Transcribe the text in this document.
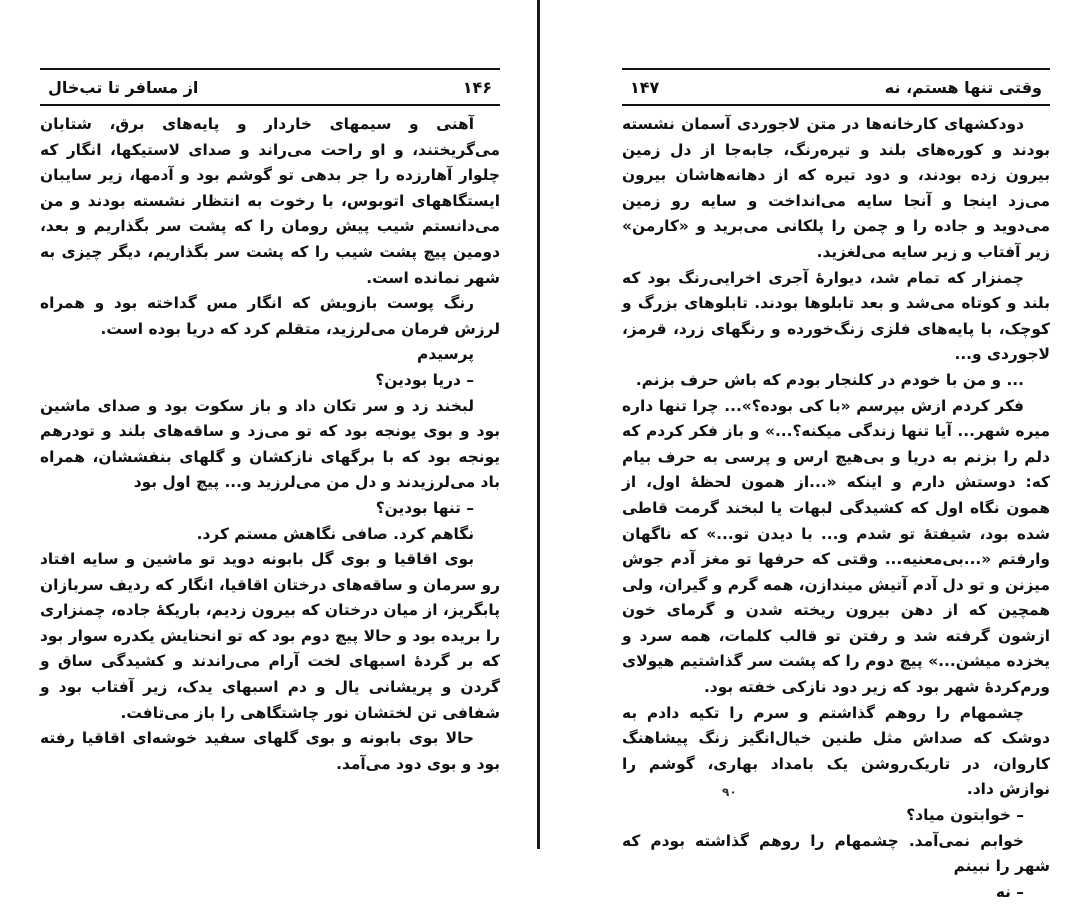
از مسافر تا تب‌خال	۱۴۶

آهنی و سیمهای خاردار و پایه‌های برق، شتابان می‌گریختند، و او راحت می‌راند و صدای لاستیکها، انگار که چلوار آهارزده را جر بدهی تو گوشم بود و آدمها، زیر سایبان ایستگاههای اتوبوس، با رخوت به انتظار نشسته بودند و من می‌دانستم شیب پیش رومان را که پشت سر بگذاریم و بعد، دومین پیچ پشت شیب را که پشت سر بگذاریم، دیگر چیزی به شهر نمانده است.

رنگ پوست بازویش که انگار مس گداخته بود و همراه لرزش فرمان می‌لرزید، متقلم کرد که دریا بوده است.

پرسیدم

– دریا بودین؟

لبخند زد و سر تکان داد و باز سکوت بود و صدای ماشین بود و بوی یونجه بود که تو می‌زد و ساقه‌های بلند و تودرهم یونجه بود که با برگهای نازکشان و گلهای بنفششان، همراه باد می‌لرزیدند و دل من می‌لرزید و... پیچ اول بود

– تنها بودین؟

نگاهم کرد. صافی نگاهش مستم کرد.

بوی اقاقیا و بوی گل بابونه دوید تو ماشین و سایه افتاد رو سرمان و ساقه‌های درختان اقاقیا، انگار که ردیف سربازان پابگریز، از میان درختان که بیرون زدیم، باریکهٔ جاده، چمنزاری را بریده بود و حالا پیچ دوم بود که تو انحنایش یکدره سوار بود که بر گردهٔ اسبهای لخت آرام می‌راندند و کشیدگی ساق و گردن و پریشانی یال و دم اسبهای یدک، زیر آفتاب بود و شفافی تن لختشان نور چاشتگاهی را باز می‌تافت.

حالا بوی بابونه و بوی گلهای سفید خوشه‌ای اقاقیا رفته بود و بوی دود می‌آمد.

۱۴۷	وقتی تنها هستم، نه

دودکشهای کارخانه‌ها در متن لاجوردی آسمان نشسته بودند و کوره‌های بلند و تیره‌رنگ، جابه‌جا از دل زمین بیرون زده بودند، و دود تیره که از دهانه‌هاشان بیرون می‌زد اینجا و آنجا سایه می‌انداخت و سایه رو زمین می‌دوید و جاده را و چمن را پلکانی می‌برید و «کارمن» زیر آفتاب و زیر سایه می‌لغزید.

چمنزار که تمام شد، دیوارهٔ آجری اخرایی‌رنگ بود که بلند و کوتاه می‌شد و بعد تابلوها بودند. تابلوهای بزرگ و کوچک، با پایه‌های فلزی زنگ‌خورده و رنگهای زرد، قرمز، لاجوردی و...

... و من با خودم در کلنجار بودم که باش حرف بزنم.

فکر کردم ازش بپرسم «با کی بوده؟»... چرا تنها داره میره شهر... آیا تنها زندگی میکنه؟...» و باز فکر کردم که دلم را بزنم به دریا و بی‌هیچ ارس و پرسی به حرف بیام که: دوستش دارم و اینکه «...از همون لحظهٔ اول، از همون نگاه اول که کشیدگی لبهات یا لبخند گرمت قاطی شده بود، شیفتهٔ تو شدم و... با دیدن تو...» که ناگهان وارفتم «...بی‌معنیه... وقتی که حرفها تو مغز آدم جوش میزنن و تو دل آدم آتیش میندازن، همه گرم و گیران، ولی همچین که از دهن بیرون ریخته شدن و گرمای خون ازشون گرفته شد و رفتن تو قالب کلمات، همه سرد و یخزده میشن...» پیچ دوم را که پشت سر گذاشتیم هیولای ورم‌کردهٔ شهر بود که زیر دود نازکی خفته بود.

چشمهام را روهم گذاشتم و سرم را تکیه دادم به دوشک که صداش مثل طنین خیال‌انگیز زنگ پیشاهنگ کاروان، در تاریک‌روشن یک بامداد بهاری، گوشم را نوازش داد.

– خوابتون میاد؟

خوابم نمی‌آمد. چشمهام را روهم گذاشته بودم که شهر را نبینم

– نه

۹۰
